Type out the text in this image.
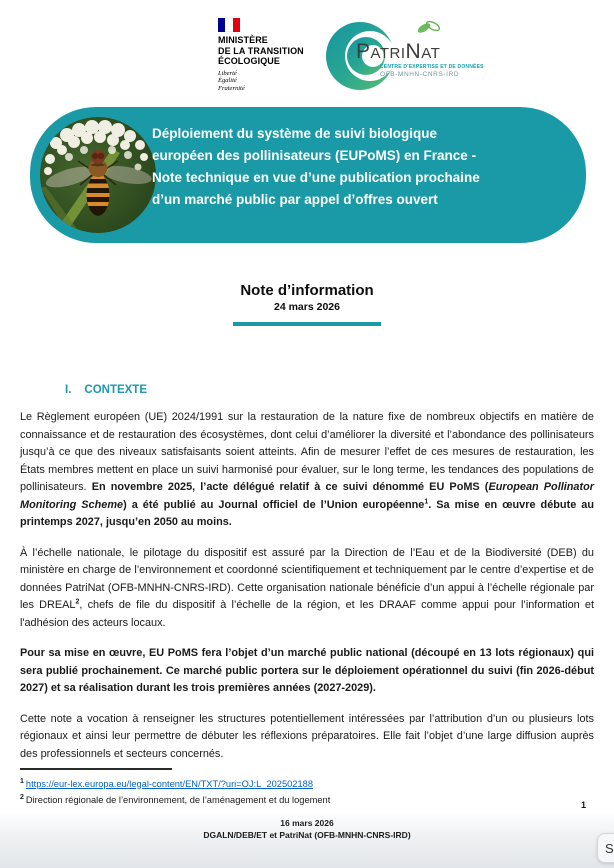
MINISTÈRE
DE LA TRANSITION
ÉCOLOGIQUE
Liberté
Égalité
Fraternité
PatriNat
CENTRE D’EXPERTISE ET DE DONNÉES
OFB-MNHN-CNRS-IRD
Déploiement du système de suivi biologique
européen des pollinisateurs (EUPoMS) en France -
Note technique en vue d’une publication prochaine
d’un marché public par appel d’offres ouvert
Note d’information
24 mars 2026
I. CONTEXTE

Le Règlement européen (UE) 2024/1991 sur la restauration de la nature fixe de nombreux objectifs en matière de connaissance et de restauration des écosystèmes, dont celui d’améliorer la diversité et l’abondance des pollinisateurs jusqu’à ce que des niveaux satisfaisants soient atteints. Afin de mesurer l’effet de ces mesures de restauration, les États membres mettent en place un suivi harmonisé pour évaluer, sur le long terme, les tendances des populations de pollinisateurs. En novembre 2025, l’acte délégué relatif à ce suivi dénommé EU PoMS (European Pollinator Monitoring Scheme) a été publié au Journal officiel de l’Union européenne$^1$. Sa mise en œuvre débute au printemps 2027, jusqu’en 2050 au moins.

À l’échelle nationale, le pilotage du dispositif est assuré par la Direction de l’Eau et de la Biodiversité (DEB) du ministère en charge de l’environnement et coordonné scientifiquement et techniquement par le centre d’expertise et de données PatriNat (OFB-MNHN-CNRS-IRD). Cette organisation nationale bénéficie d’un appui à l’échelle régionale par les DREAL$^2$, chefs de file du dispositif à l’échelle de la région, et les DRAAF comme appui pour l’information et l'adhésion des acteurs locaux.

Pour sa mise en œuvre, EU PoMS fera l’objet d’un marché public national (découpé en 13 lots régionaux) qui sera publié prochainement. Ce marché public portera sur le déploiement opérationnel du suivi (fin 2026-début 2027) et sa réalisation durant les trois premières années (2027-2029).

Cette note a vocation à renseigner les structures potentiellement intéressées par l’attribution d’un ou plusieurs lots régionaux et ainsi leur permettre de débuter les réflexions préparatoires. Elle fait l’objet d’une large diffusion auprès des professionnels et secteurs concernés.

$^1$ https://eur-lex.europa.eu/legal-content/EN/TXT/?uri=OJ:L_202502188
$^2$ Direction régionale de l’environnement, de l’aménagement et du logement
1
16 mars 2026
DGALN/DEB/ET et PatriNat (OFB-MNHN-CNRS-IRD)
S
